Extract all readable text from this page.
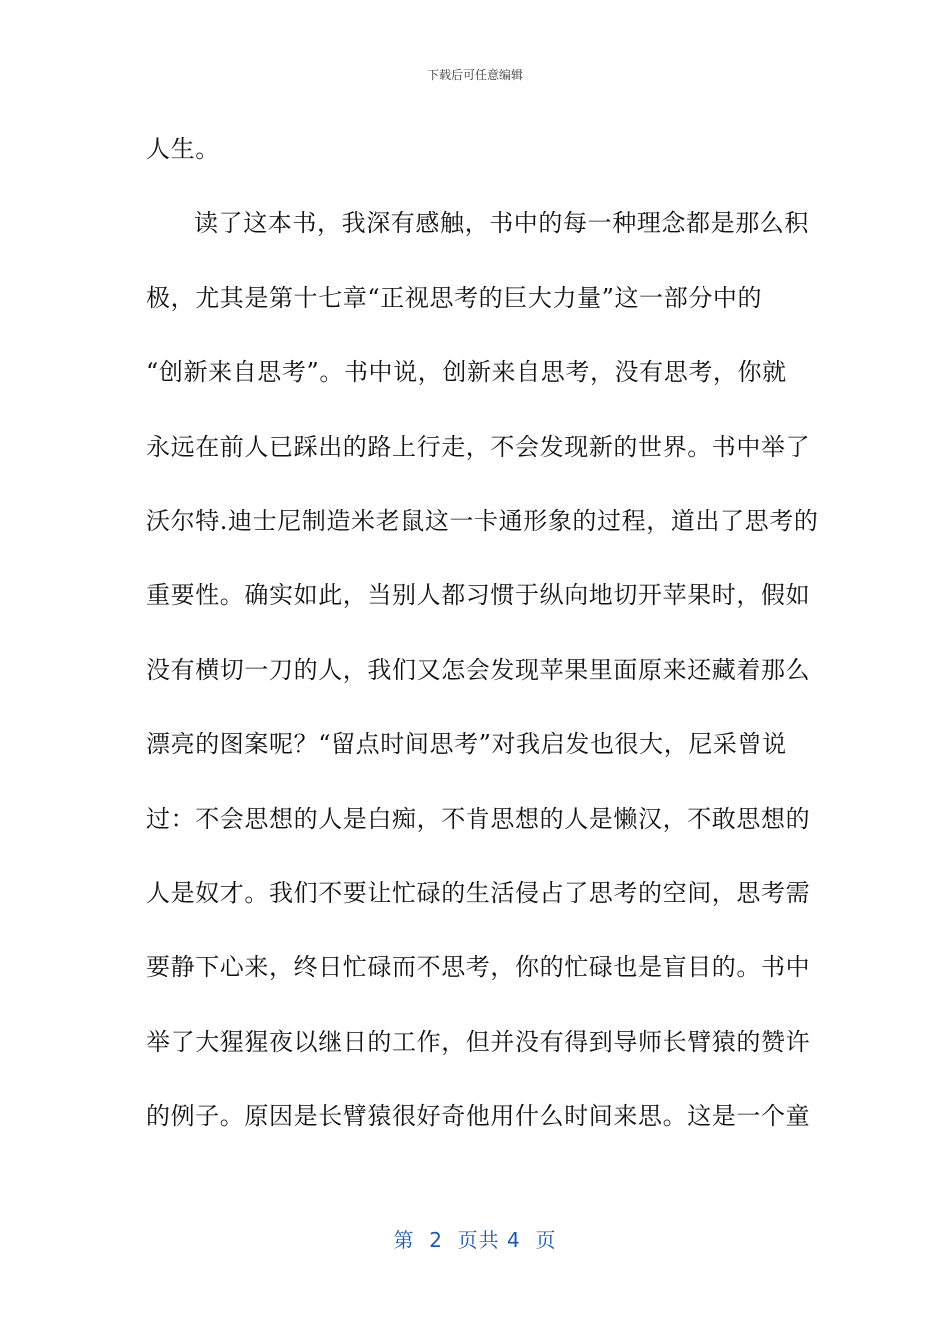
下载后可任意编辑
人生。
读了这本书，我深有感触，书中的每一种理念都是那么积
极，尤其是第十七章“正视思考的巨大力量”这一部分中的
“创新来自思考”。书中说，创新来自思考，没有思考，你就
永远在前人已踩出的路上行走，不会发现新的世界。书中举了
沃尔特.迪士尼制造米老鼠这一卡通形象的过程，道出了思考的
重要性。确实如此，当别人都习惯于纵向地切开苹果时，假如
没有横切一刀的人，我们又怎会发现苹果里面原来还藏着那么
漂亮的图案呢？“留点时间思考”对我启发也很大，尼采曾说
过：不会思想的人是白痴，不肯思想的人是懒汉，不敢思想的
人是奴才。我们不要让忙碌的生活侵占了思考的空间，思考需
要静下心来，终日忙碌而不思考，你的忙碌也是盲目的。书中
举了大猩猩夜以继日的工作，但并没有得到导师长臂猿的赞许
的例子。原因是长臂猿很好奇他用什么时间来思。这是一个童
第  2  页共 4  页
